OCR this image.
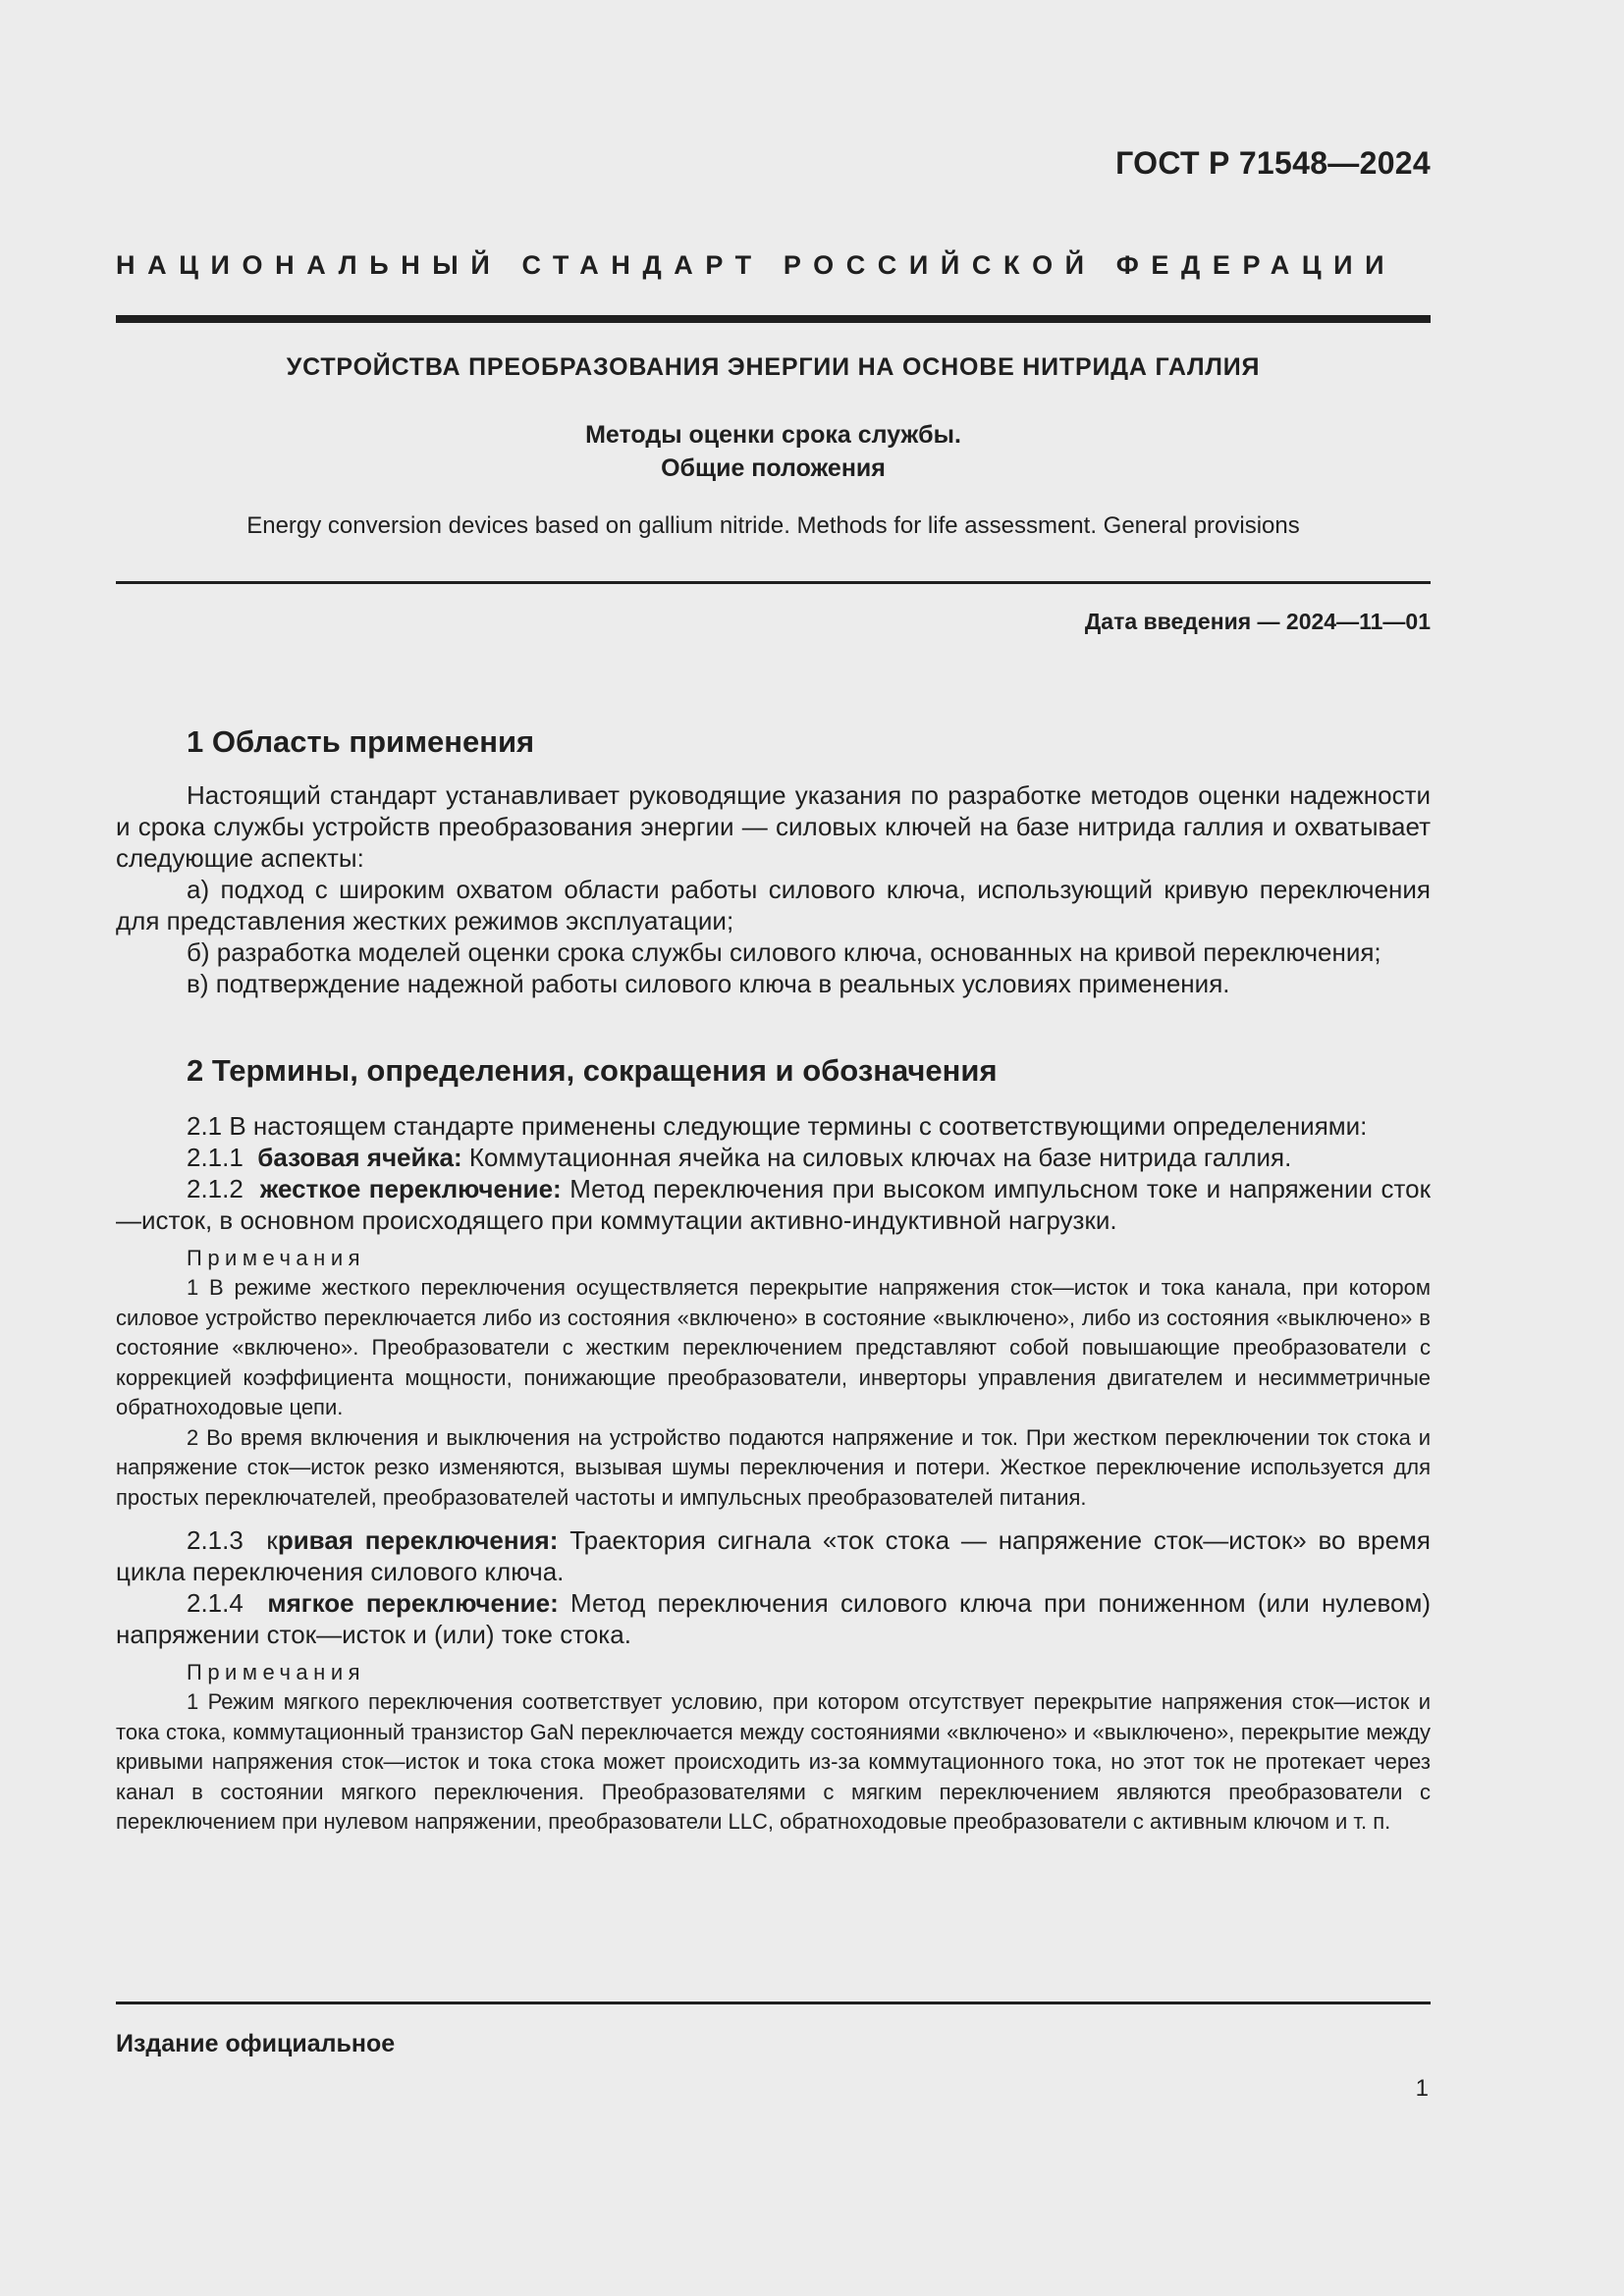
ГОСТ Р 71548—2024
НАЦИОНАЛЬНЫЙ СТАНДАРТ РОССИЙСКОЙ ФЕДЕРАЦИИ
УСТРОЙСТВА ПРЕОБРАЗОВАНИЯ ЭНЕРГИИ НА ОСНОВЕ НИТРИДА ГАЛЛИЯ
Методы оценки срока службы.
Общие положения
Energy conversion devices based on gallium nitride. Methods for life assessment. General provisions
Дата введения — 2024—11—01
1 Область применения

Настоящий стандарт устанавливает руководящие указания по разработке методов оценки надежности и срока службы устройств преобразования энергии — силовых ключей на базе нитрида галлия и охватывает следующие аспекты:

а) подход с широким охватом области работы силового ключа, использующий кривую переключения для представления жестких режимов эксплуатации;

б) разработка моделей оценки срока службы силового ключа, основанных на кривой переключения;

в) подтверждение надежной работы силового ключа в реальных условиях применения.

2 Термины, определения, сокращения и обозначения

2.1 В настоящем стандарте применены следующие термины с соответствующими определениями:

2.1.1  базовая ячейка: Коммутационная ячейка на силовых ключах на базе нитрида галлия.

2.1.2  жесткое переключение: Метод переключения при высоком импульсном токе и напряжении сток—исток, в основном происходящего при коммутации активно-индуктивной нагрузки.

Примечания

1 В режиме жесткого переключения осуществляется перекрытие напряжения сток—исток и тока канала, при котором силовое устройство переключается либо из состояния «включено» в состояние «выключено», либо из состояния «выключено» в состояние «включено». Преобразователи с жестким переключением представляют собой повышающие преобразователи с коррекцией коэффициента мощности, понижающие преобразователи, инверторы управления двигателем и несимметричные обратноходовые цепи.

2 Во время включения и выключения на устройство подаются напряжение и ток. При жестком переключении ток стока и напряжение сток—исток резко изменяются, вызывая шумы переключения и потери. Жесткое переключение используется для простых переключателей, преобразователей частоты и импульсных преобразователей питания.

2.1.3  кривая переключения: Траектория сигнала «ток стока — напряжение сток—исток» во время цикла переключения силового ключа.

2.1.4  мягкое переключение: Метод переключения силового ключа при пониженном (или нулевом) напряжении сток—исток и (или) токе стока.

Примечания

1 Режим мягкого переключения соответствует условию, при котором отсутствует перекрытие напряжения сток—исток и тока стока, коммутационный транзистор GaN переключается между состояниями «включено» и «выключено», перекрытие между кривыми напряжения сток—исток и тока стока может происходить из-за коммутационного тока, но этот ток не протекает через канал в состоянии мягкого переключения. Преобразователями с мягким переключением являются преобразователи с переключением при нулевом напряжении, преобразователи LLC, обратноходовые преобразователи с активным ключом и т. п.

Издание официальное
1
